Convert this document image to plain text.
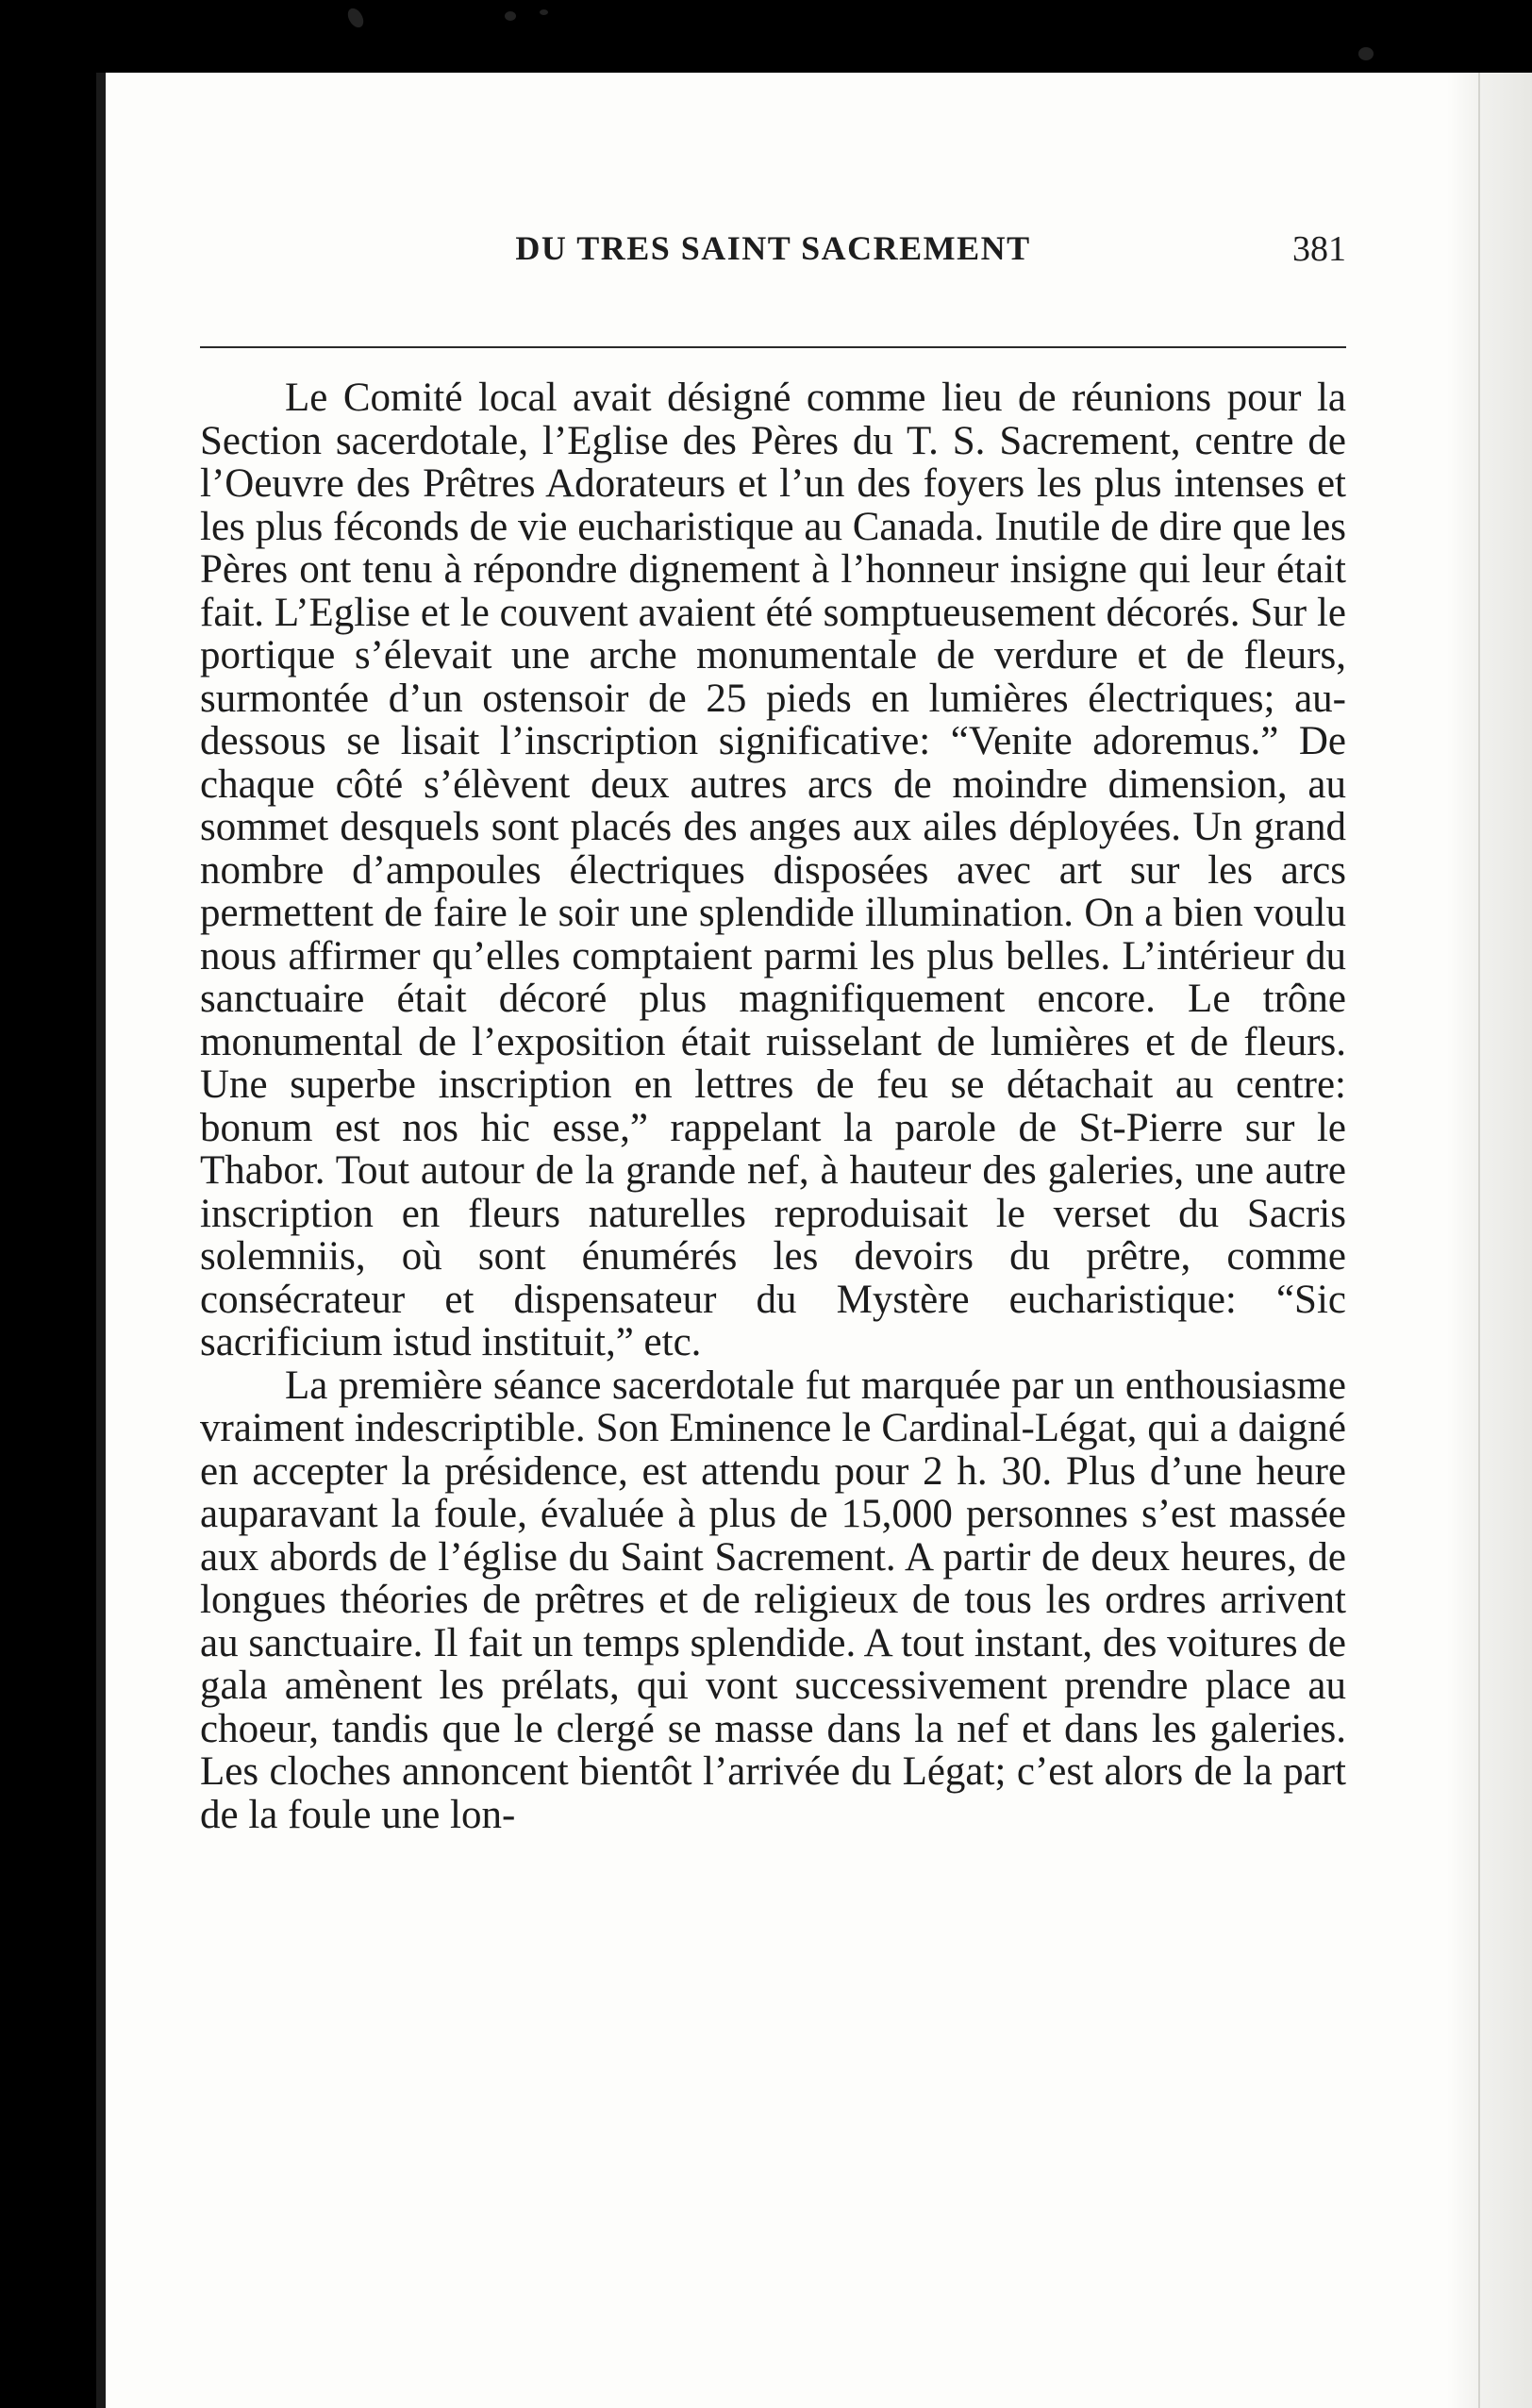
DU TRES SAINT SACREMENT	381

Le Comité local avait désigné comme lieu de réunions pour la Section sacerdotale, l’Eglise des Pères du T. S. Sacrement, centre de l’Oeuvre des Prêtres Adorateurs et l’un des foyers les plus intenses et les plus féconds de vie eucharistique au Canada. Inutile de dire que les Pères ont tenu à répondre dignement à l’honneur insigne qui leur était fait. L’Eglise et le couvent avaient été somptueusement décorés. Sur le portique s’élevait une arche monumentale de verdure et de fleurs, surmontée d’un ostensoir de 25 pieds en lumières électriques; au-dessous se lisait l’inscription significative: “Venite adoremus.” De chaque côté s’élèvent deux autres arcs de moindre dimension, au sommet desquels sont placés des anges aux ailes déployées. Un grand nombre d’ampoules électriques disposées avec art sur les arcs permettent de faire le soir une splendide illumination. On a bien voulu nous affirmer qu’elles comptaient parmi les plus belles. L’intérieur du sanctuaire était décoré plus magnifiquement encore. Le trône monumental de l’exposition était ruisselant de lumières et de fleurs. Une superbe inscription en lettres de feu se détachait au centre: bonum est nos hic esse,” rappelant la parole de St-Pierre sur le Thabor. Tout autour de la grande nef, à hauteur des galeries, une autre inscription en fleurs naturelles reproduisait le verset du Sacris solemniis, où sont énumérés les devoirs du prêtre, comme consécrateur et dispensateur du Mystère eucharistique: “Sic sacrificium istud instituit,” etc.

La première séance sacerdotale fut marquée par un enthousiasme vraiment indescriptible. Son Eminence le Cardinal-Légat, qui a daigné en accepter la présidence, est attendu pour 2 h. 30. Plus d’une heure auparavant la foule, évaluée à plus de 15,000 personnes s’est massée aux abords de l’église du Saint Sacrement. A partir de deux heures, de longues théories de prêtres et de religieux de tous les ordres arrivent au sanctuaire. Il fait un temps splendide. A tout instant, des voitures de gala amènent les prélats, qui vont successivement prendre place au choeur, tandis que le clergé se masse dans la nef et dans les galeries. Les cloches annoncent bientôt l’arrivée du Légat; c’est alors de la part de la foule une lon-
